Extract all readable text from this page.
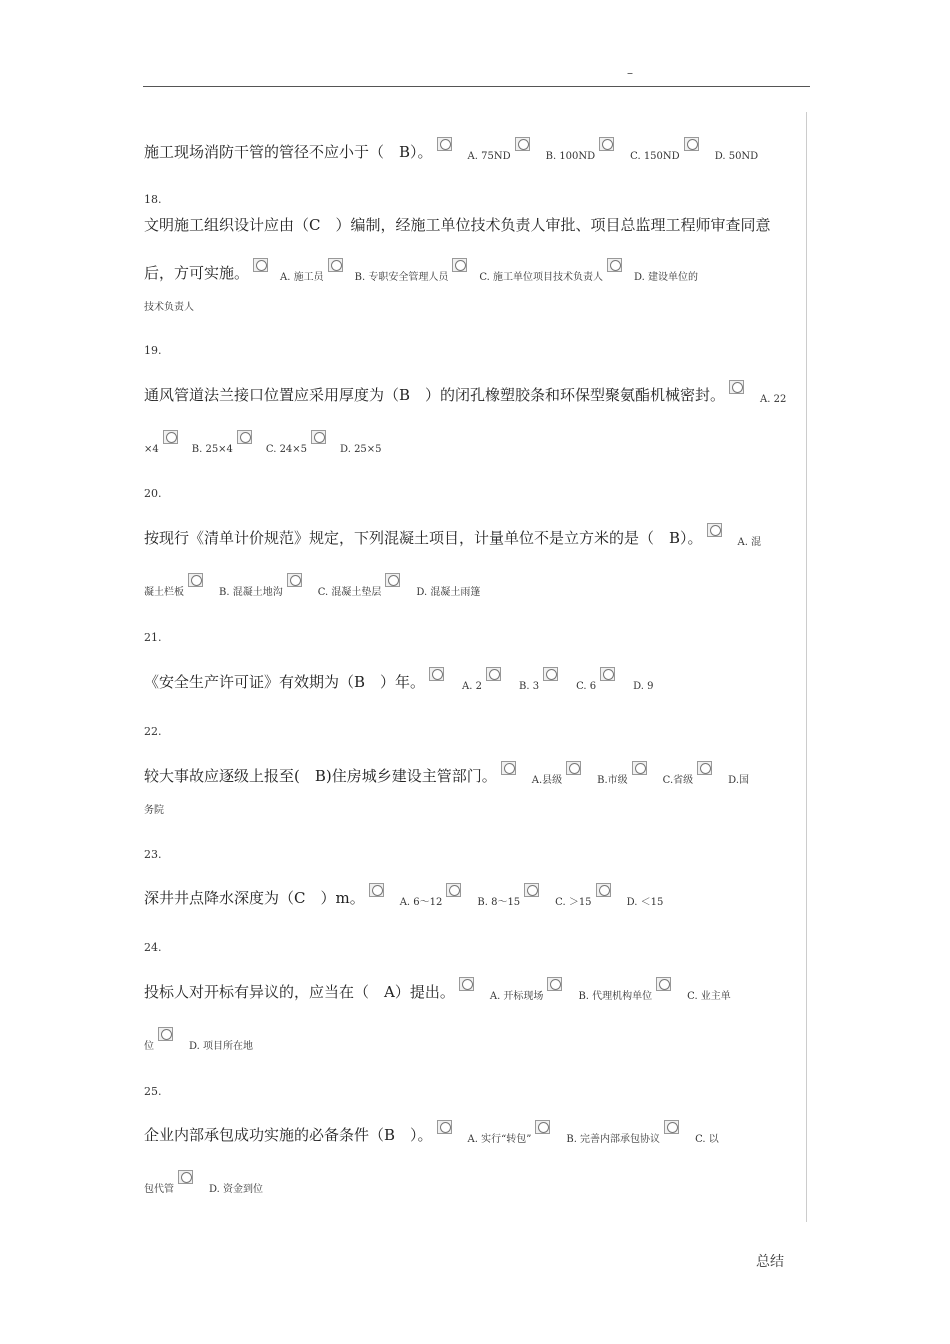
–
施工现场消防干管的管径不应小于（　B）。	A. 75ND	B. 100ND	C. 150ND	D. 50ND
18.
文明施工组织设计应由（C　）编制，经施工单位技术负责人审批、项目总监理工程师审查同意
后，方可实施。	A. 施工员	B. 专职安全管理人员	C. 施工单位项目技术负责人	D. 建设单位的
技术负责人
19.
通风管道法兰接口位置应采用厚度为（B　）的闭孔橡塑胶条和环保型聚氨酯机械密封。	A. 22
×4	B. 25×4	C. 24×5	D. 25×5
20.
按现行《清单计价规范》规定，下列混凝土项目，计量单位不是立方米的是（　B）。	A. 混
凝土栏板	B. 混凝土地沟	C. 混凝土垫层	D. 混凝土雨篷
21.
《安全生产许可证》有效期为（B　）年。	A. 2	B. 3	C. 6	D. 9
22.
较大事故应逐级上报至(　B)住房城乡建设主管部门。	A.县级	B.市级	C.省级	D.国
务院
23.
深井井点降水深度为（C　）m。	A. 6～12	B. 8～15	C. ＞15	D. ＜15
24.
投标人对开标有异议的，应当在（　A）提出。	A. 开标现场	B. 代理机构单位	C. 业主单
位	D. 项目所在地
25.
企业内部承包成功实施的必备条件（B　）。	A. 实行“转包”	B. 完善内部承包协议	C. 以
包代管	D. 资金到位
总结
